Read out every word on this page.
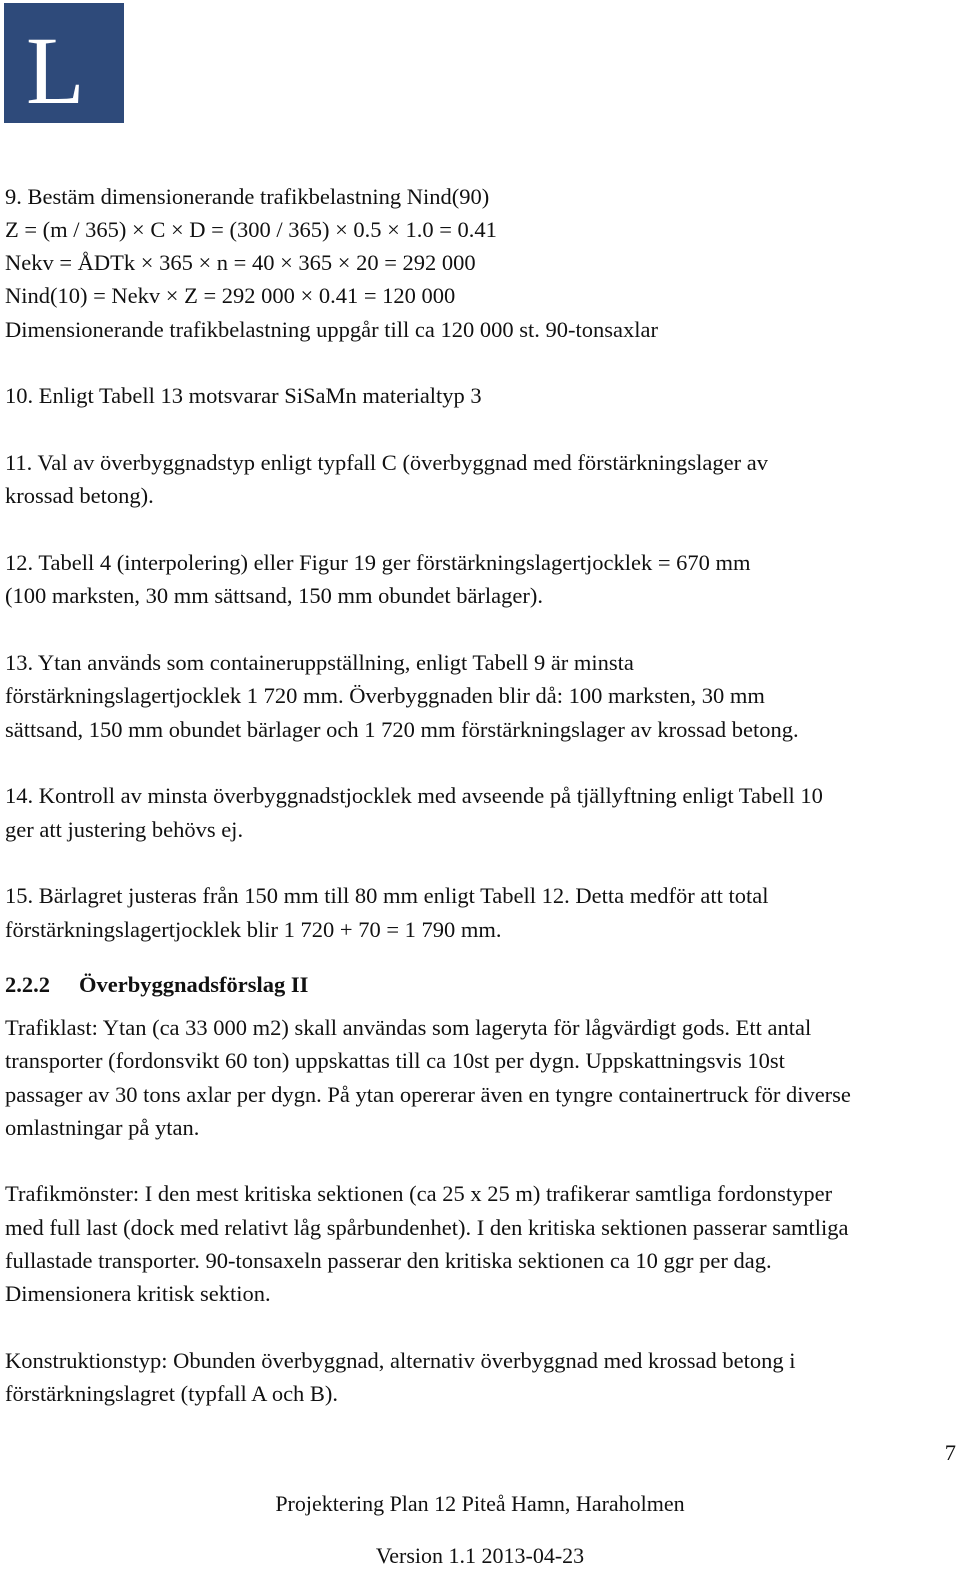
L
9. Bestäm dimensionerande trafikbelastning Nind(90)
Z = (m / 365) × C × D = (300 / 365) × 0.5 × 1.0 = 0.41
Nekv = ÅDTk × 365 × n = 40 × 365 × 20 = 292 000
Nind(10) = Nekv × Z = 292 000 × 0.41 = 120 000
Dimensionerande trafikbelastning uppgår till ca 120 000 st. 90-tonsaxlar
10. Enligt Tabell 13 motsvarar SiSaMn materialtyp 3
11. Val av överbyggnadstyp enligt typfall C (överbyggnad med förstärkningslager av
krossad betong).
12. Tabell 4 (interpolering) eller Figur 19 ger förstärkningslagertjocklek = 670 mm
(100 marksten, 30 mm sättsand, 150 mm obundet bärlager).
13. Ytan används som containeruppställning, enligt Tabell 9 är minsta
förstärkningslagertjocklek 1 720 mm. Överbyggnaden blir då: 100 marksten, 30 mm
sättsand, 150 mm obundet bärlager och 1 720 mm förstärkningslager av krossad betong.
14. Kontroll av minsta överbyggnadstjocklek med avseende på tjällyftning enligt Tabell 10
ger att justering behövs ej.
15. Bärlagret justeras från 150 mm till 80 mm enligt Tabell 12. Detta medför att total
förstärkningslagertjocklek blir 1 720 + 70 = 1 790 mm.
2.2.2 Överbyggnadsförslag II
Trafiklast: Ytan (ca 33 000 m2) skall användas som lageryta för lågvärdigt gods. Ett antal
transporter (fordonsvikt 60 ton) uppskattas till ca 10st per dygn. Uppskattningsvis 10st
passager av 30 tons axlar per dygn. På ytan opererar även en tyngre containertruck för diverse
omlastningar på ytan.
Trafikmönster: I den mest kritiska sektionen (ca 25 x 25 m) trafikerar samtliga fordonstyper
med full last (dock med relativt låg spårbundenhet). I den kritiska sektionen passerar samtliga
fullastade transporter. 90-tonsaxeln passerar den kritiska sektionen ca 10 ggr per dag.
Dimensionera kritisk sektion.
Konstruktionstyp: Obunden överbyggnad, alternativ överbyggnad med krossad betong i
förstärkningslagret (typfall A och B).
7
Projektering Plan 12 Piteå Hamn, Haraholmen
Version 1.1 2013-04-23
